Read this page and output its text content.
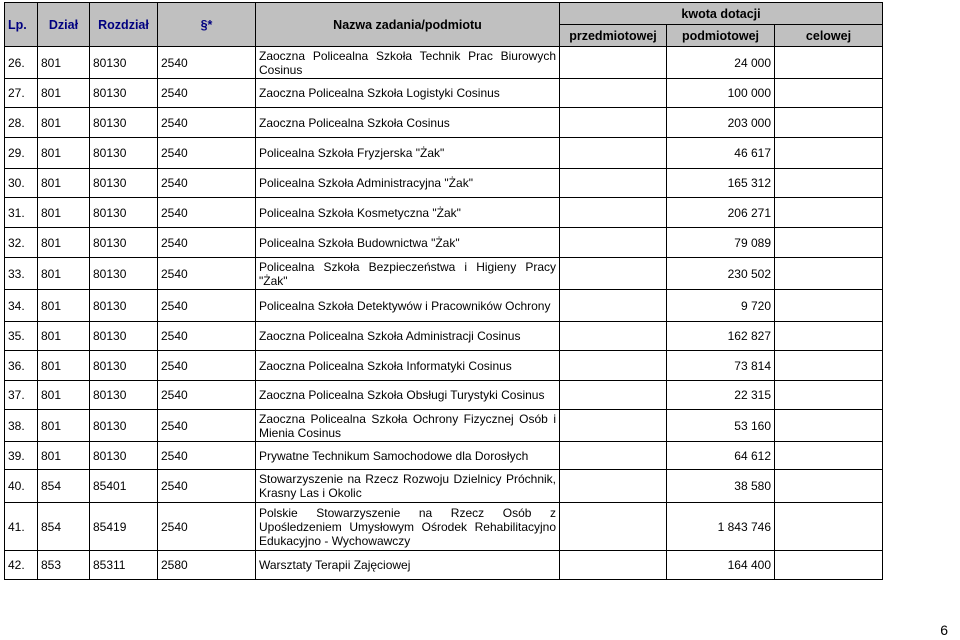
Lp.	Dział	Rozdział	§*	Nazwa zadania/podmiotu	kwota dotacji		
					przedmiotowej	podmiotowej	celowej
26.	801	80130	2540	Zaoczna Policealna Szkoła Technik Prac Biurowych Cosinus		24 000	
27.	801	80130	2540	Zaoczna Policealna Szkoła Logistyki Cosinus		100 000	
28.	801	80130	2540	Zaoczna Policealna Szkoła Cosinus		203 000	
29.	801	80130	2540	Policealna Szkoła Fryzjerska "Żak"		46 617	
30.	801	80130	2540	Policealna Szkoła Administracyjna "Żak"		165 312	
31.	801	80130	2540	Policealna Szkoła Kosmetyczna "Żak"		206 271	
32.	801	80130	2540	Policealna Szkoła Budownictwa "Żak"		79 089	
33.	801	80130	2540	Policealna Szkoła Bezpieczeństwa i Higieny Pracy "Żak"		230 502	
34.	801	80130	2540	Policealna Szkoła Detektywów i Pracowników Ochrony		9 720	
35.	801	80130	2540	Zaoczna Policealna Szkoła Administracji Cosinus		162 827	
36.	801	80130	2540	Zaoczna Policealna Szkoła Informatyki Cosinus		73 814	
37.	801	80130	2540	Zaoczna Policealna Szkoła Obsługi Turystyki Cosinus		22 315	
38.	801	80130	2540	Zaoczna Policealna Szkoła Ochrony Fizycznej Osób i Mienia Cosinus		53 160	
39.	801	80130	2540	Prywatne Technikum Samochodowe dla Dorosłych		64 612	
40.	854	85401	2540	Stowarzyszenie na Rzecz Rozwoju Dzielnicy Próchnik, Krasny Las i Okolic		38 580	
41.	854	85419	2540	Polskie Stowarzyszenie na Rzecz Osób z Upośledzeniem Umysłowym Ośrodek Rehabilitacyjno Edukacyjno - Wychowawczy		1 843 746	
42.	853	85311	2580	Warsztaty Terapii Zajęciowej		164 400	
6
